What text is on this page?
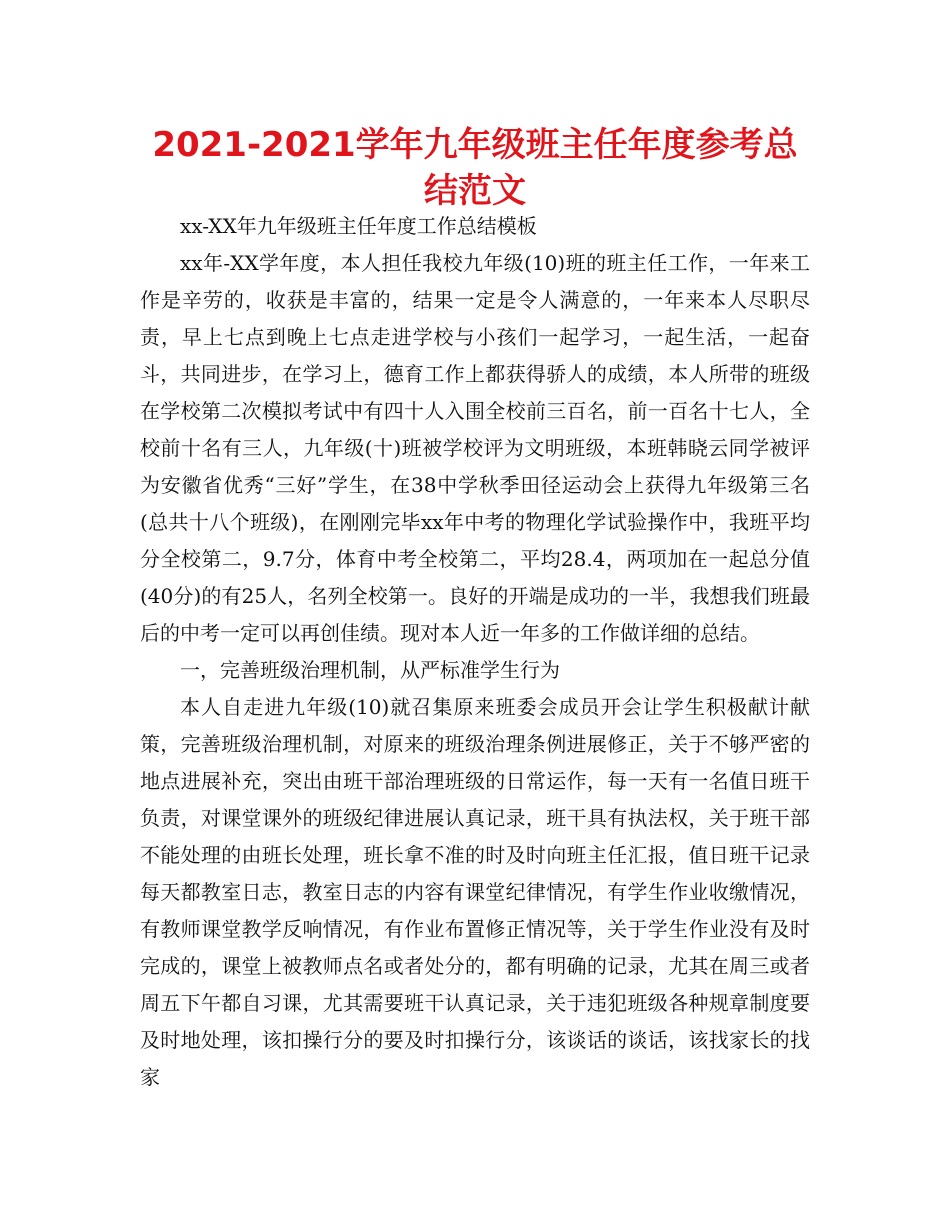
2021-2021学年九年级班主任年度参考总结范文

xx-XX年九年级班主任年度工作总结模板

xx年-XX学年度，本人担任我校九年级(10)班的班主任工作，一年来工作是辛劳的，收获是丰富的，结果一定是令人满意的，一年来本人尽职尽责，早上七点到晚上七点走进学校与小孩们一起学习，一起生活，一起奋斗，共同进步，在学习上，德育工作上都获得骄人的成绩，本人所带的班级在学校第二次模拟考试中有四十人入围全校前三百名，前一百名十七人，全校前十名有三人，九年级(十)班被学校评为文明班级，本班韩晓云同学被评为安徽省优秀“三好”学生，在38中学秋季田径运动会上获得九年级第三名(总共十八个班级)，在刚刚完毕xx年中考的物理化学试验操作中，我班平均分全校第二，9.7分，体育中考全校第二，平均28.4，两项加在一起总分值(40分)的有25人，名列全校第一。良好的开端是成功的一半，我想我们班最后的中考一定可以再创佳绩。现对本人近一年多的工作做详细的总结。

一，完善班级治理机制，从严标准学生行为

本人自走进九年级(10)就召集原来班委会成员开会让学生积极献计献策，完善班级治理机制，对原来的班级治理条例进展修正，关于不够严密的地点进展补充，突出由班干部治理班级的日常运作，每一天有一名值日班干负责，对课堂课外的班级纪律进展认真记录，班干具有执法权，关于班干部不能处理的由班长处理，班长拿不准的时及时向班主任汇报，值日班干记录每天都教室日志，教室日志的内容有课堂纪律情况，有学生作业收缴情况，有教师课堂教学反响情况，有作业布置修正情况等，关于学生作业没有及时完成的，课堂上被教师点名或者处分的，都有明确的记录，尤其在周三或者周五下午都自习课，尤其需要班干认真记录，关于违犯班级各种规章制度要及时地处理，该扣操行分的要及时扣操行分，该谈话的谈话，该找家长的找家
